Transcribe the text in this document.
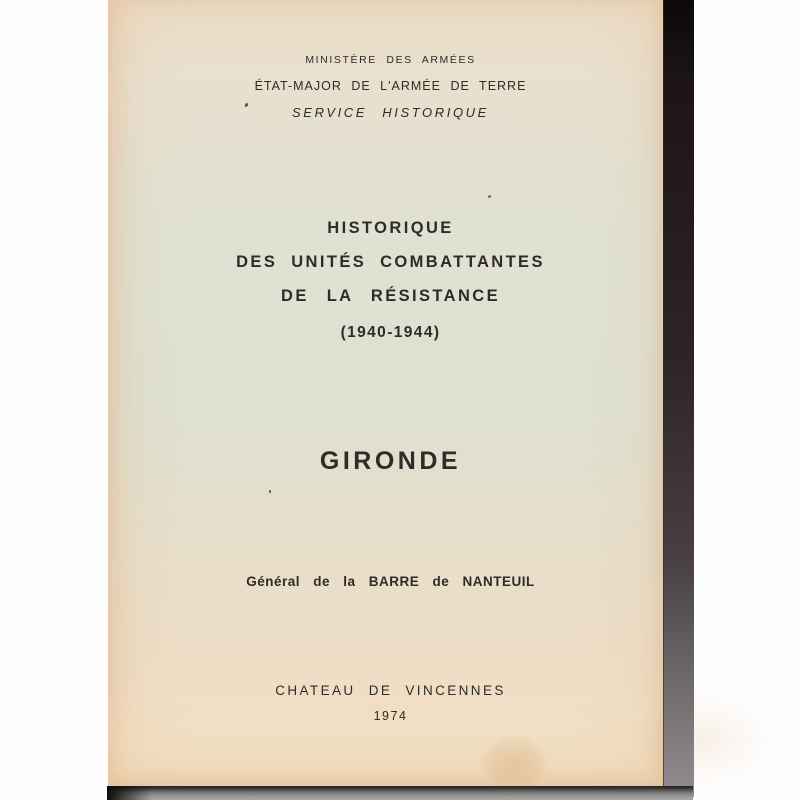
MINISTÈRE DES ARMÉES
ÉTAT-MAJOR DE L'ARMÉE DE TERRE
SERVICE HISTORIQUE
HISTORIQUE
DES UNITÉS COMBATTANTES
DE LA RÉSISTANCE
(1940-1944)
GIRONDE
Général de la BARRE de NANTEUIL
CHATEAU DE VINCENNES
1974
